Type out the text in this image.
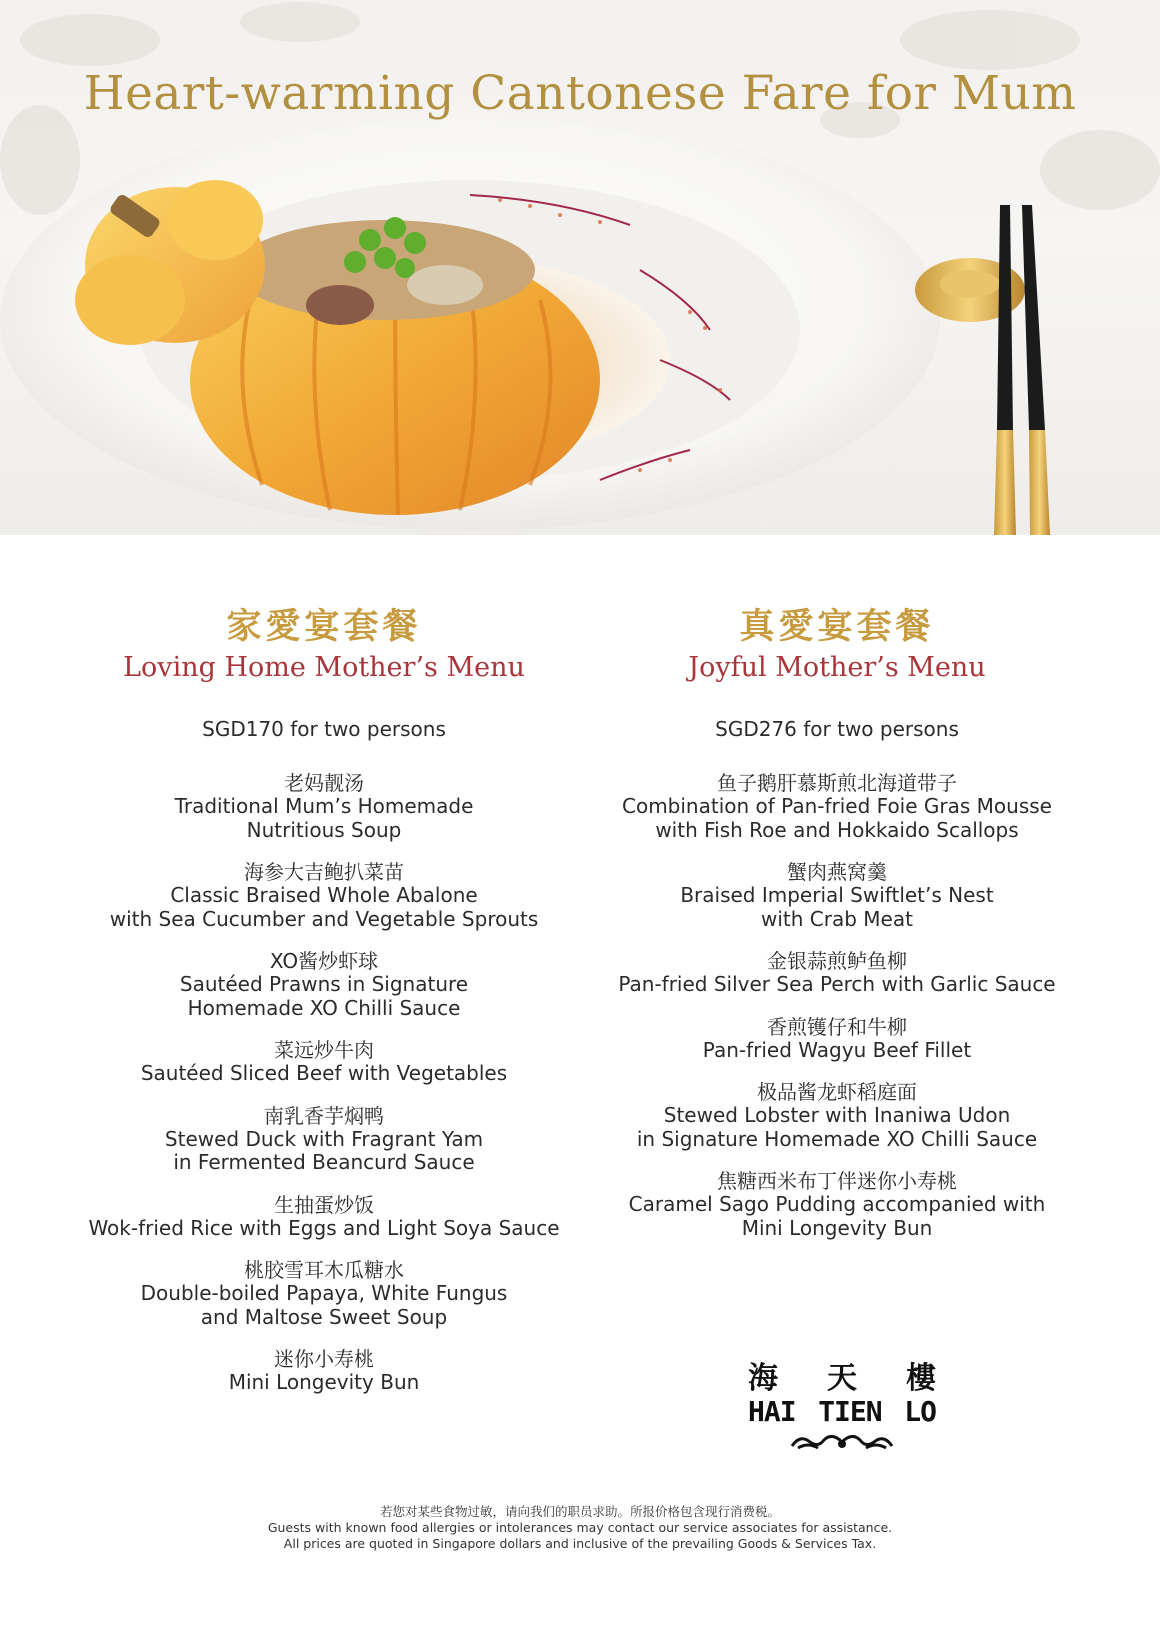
Heart-warming Cantonese Fare for Mum
家愛宴套餐
Loving Home Mother’s Menu
SGD170 for two persons
老妈靓汤
Traditional Mum’s Homemade
Nutritious Soup
海参大吉鲍扒菜苗
Classic Braised Whole Abalone
with Sea Cucumber and Vegetable Sprouts
XO酱炒虾球
Sautéed Prawns in Signature
Homemade XO Chilli Sauce
菜远炒牛肉
Sautéed Sliced Beef with Vegetables
南乳香芋焖鸭
Stewed Duck with Fragrant Yam
in Fermented Beancurd Sauce
生抽蛋炒饭
Wok-fried Rice with Eggs and Light Soya Sauce
桃胶雪耳木瓜糖水
Double-boiled Papaya, White Fungus
and Maltose Sweet Soup
迷你小寿桃
Mini Longevity Bun
真愛宴套餐
Joyful Mother’s Menu
SGD276 for two persons
鱼子鹅肝慕斯煎北海道带子
Combination of Pan-fried Foie Gras Mousse
with Fish Roe and Hokkaido Scallops
蟹肉燕窝羹
Braised Imperial Swiftlet’s Nest
with Crab Meat
金银蒜煎鲈鱼柳
Pan-fried Silver Sea Perch with Garlic Sauce
香煎镬仔和牛柳
Pan-fried Wagyu Beef Fillet
极品酱龙虾稻庭面
Stewed Lobster with Inaniwa Udon
in Signature Homemade XO Chilli Sauce
焦糖西米布丁伴迷你小寿桃
Caramel Sago Pudding accompanied with
Mini Longevity Bun
海 天 樓
HAI TIEN LO
若您对某些食物过敏，请向我们的职员求助。所报价格包含现行消费税。
Guests with known food allergies or intolerances may contact our service associates for assistance.
All prices are quoted in Singapore dollars and inclusive of the prevailing Goods & Services Tax.
